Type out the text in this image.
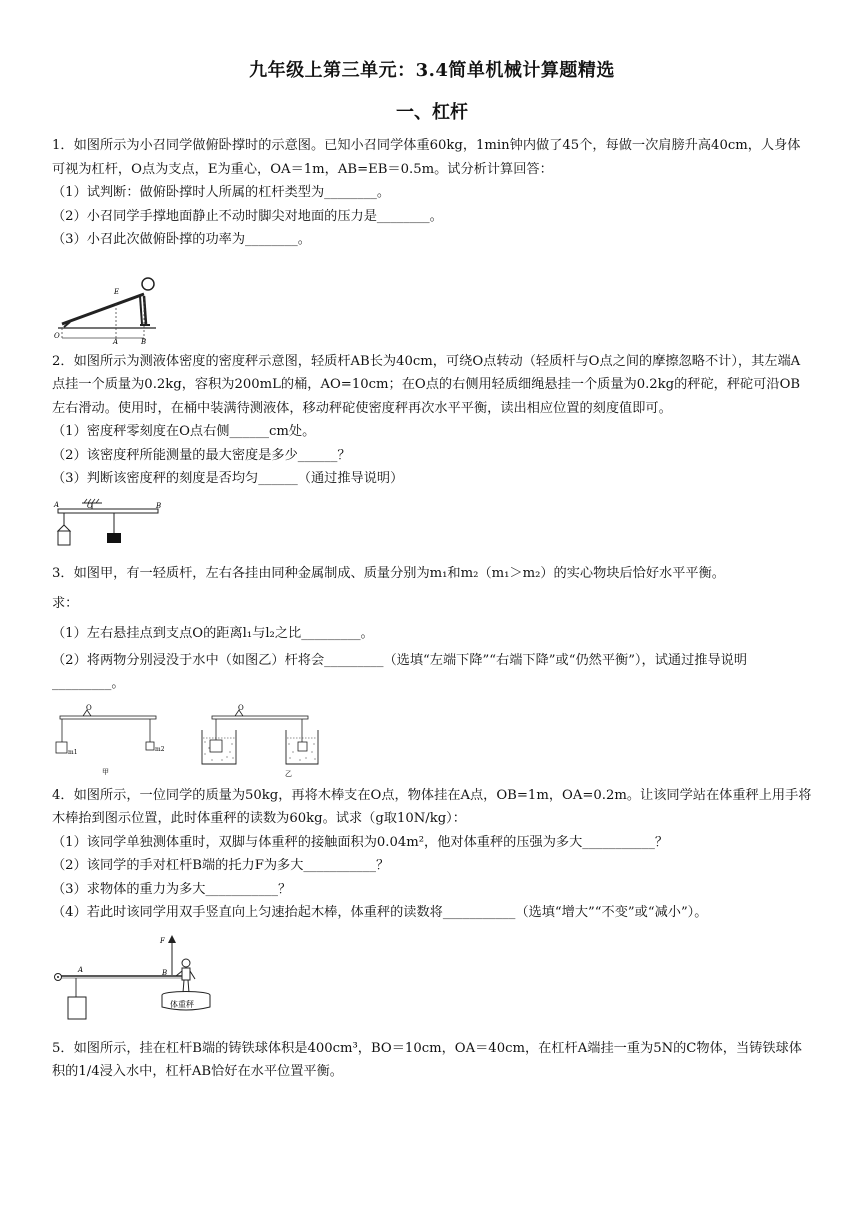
九年级上第三单元：3.4简单机械计算题精选
一、杠杆

1．如图所示为小召同学做俯卧撑时的示意图。已知小召同学体重60kg，1min钟内做了45个，每做一次肩膀升高40cm，人身体可视为杠杆，O点为支点，E为重心，OA＝1m，AB=EB＝0.5m。试分析计算回答：

（1）试判断：做俯卧撑时人所属的杠杆类型为________。

（2）小召同学手撑地面静止不动时脚尖对地面的压力是________。

（3）小召此次做俯卧撑的功率为________。

O
A	B
E

2．如图所示为测液体密度的密度秤示意图，轻质杆AB长为40cm，可绕O点转动（轻质杆与O点之间的摩擦忽略不计），其左端A点挂一个质量为0.2kg，容积为200mL的桶，AO=10cm；在O点的右侧用轻质细绳悬挂一个质量为0.2kg的秤砣，秤砣可沿OB左右滑动。使用时，在桶中装满待测液体，移动秤砣使密度秤再次水平平衡，读出相应位置的刻度值即可。

（1）密度秤零刻度在O点右侧______cm处。

（2）该密度秤所能测量的最大密度是多少______？

（3）判断该密度秤的刻度是否均匀______（通过推导说明）

A	O	B

3．如图甲，有一轻质杆，左右各挂由同种金属制成、质量分别为m₁和m₂（m₁＞m₂）的实心物块后恰好水平平衡。

求：

（1）左右悬挂点到支点O的距离l₁与l₂之比_________。

（2）将两物分别浸没于水中（如图乙）杆将会_________（选填“左端下降”“右端下降”或“仍然平衡”），试通过推导说明_________。

O
m1	m2
甲
O
乙

4．如图所示，一位同学的质量为50kg，再将木棒支在O点，物体挂在A点，OB=1m，OA=0.2m。让该同学站在体重秤上用手将木棒抬到图示位置，此时体重秤的读数为60kg。试求（g取10N/kg）：

（1）该同学单独测体重时，双脚与体重秤的接触面积为0.04m²，他对体重秤的压强为多大___________？

（2）该同学的手对杠杆B端的托力F为多大___________？

（3）求物体的重力为多大___________？

（4）若此时该同学用双手竖直向上匀速抬起木棒，体重秤的读数将___________（选填“增大”“不变”或“减小”）。

A	B
F
体重秤

5．如图所示，挂在杠杆B端的铸铁球体积是400cm³，BO＝10cm，OA＝40cm，在杠杆A端挂一重为5N的C物体，当铸铁球体积的1/4浸入水中，杠杆AB恰好在水平位置平衡。
